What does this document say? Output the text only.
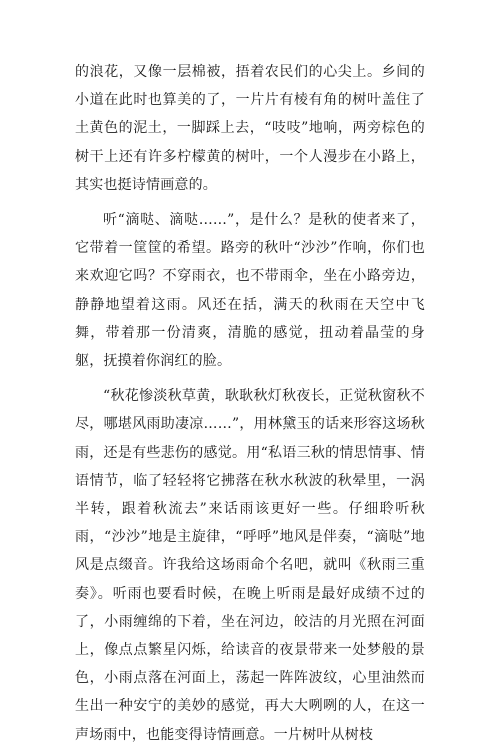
的浪花，又像一层棉被，捂着农民们的心尖上。乡间的小道在此时也算美的了，一片片有棱有角的树叶盖住了土黄色的泥土，一脚踩上去，“吱吱”地响，两旁棕色的树干上还有许多柠檬黄的树叶，一个人漫步在小路上，其实也挺诗情画意的。

听“滴哒、滴哒……”，是什么？是秋的使者来了，它带着一筐筐的希望。路旁的秋叶“沙沙”作响，你们也来欢迎它吗？不穿雨衣，也不带雨伞，坐在小路旁边，静静地望着这雨。风还在括，满天的秋雨在天空中飞舞，带着那一份清爽，清脆的感觉，扭动着晶莹的身躯，抚摸着你润红的脸。

“秋花惨淡秋草黄，耿耿秋灯秋夜长，正觉秋窗秋不尽，哪堪风雨助凄凉……”，用林黛玉的话来形容这场秋雨，还是有些悲伤的感觉。用“私语三秋的情思情事、情语情节，临了轻轻将它拂落在秋水秋波的秋晕里，一涡半转，跟着秋流去”来话雨该更好一些。仔细聆听秋雨，“沙沙”地是主旋律，“呼呼”地风是伴奏，“滴哒”地风是点缀音。许我给这场雨命个名吧，就叫《秋雨三重奏》。听雨也要看时候，在晚上听雨是最好成绩不过的了，小雨缠绵的下着，坐在河边，皎洁的月光照在河面上，像点点繁星闪烁，给读音的夜景带来一处梦般的景色，小雨点落在河面上，荡起一阵阵波纹，心里油然而生出一种安宁的美妙的感觉，再大大咧咧的人，在这一声场雨中，也能变得诗情画意。一片树叶从树枝
